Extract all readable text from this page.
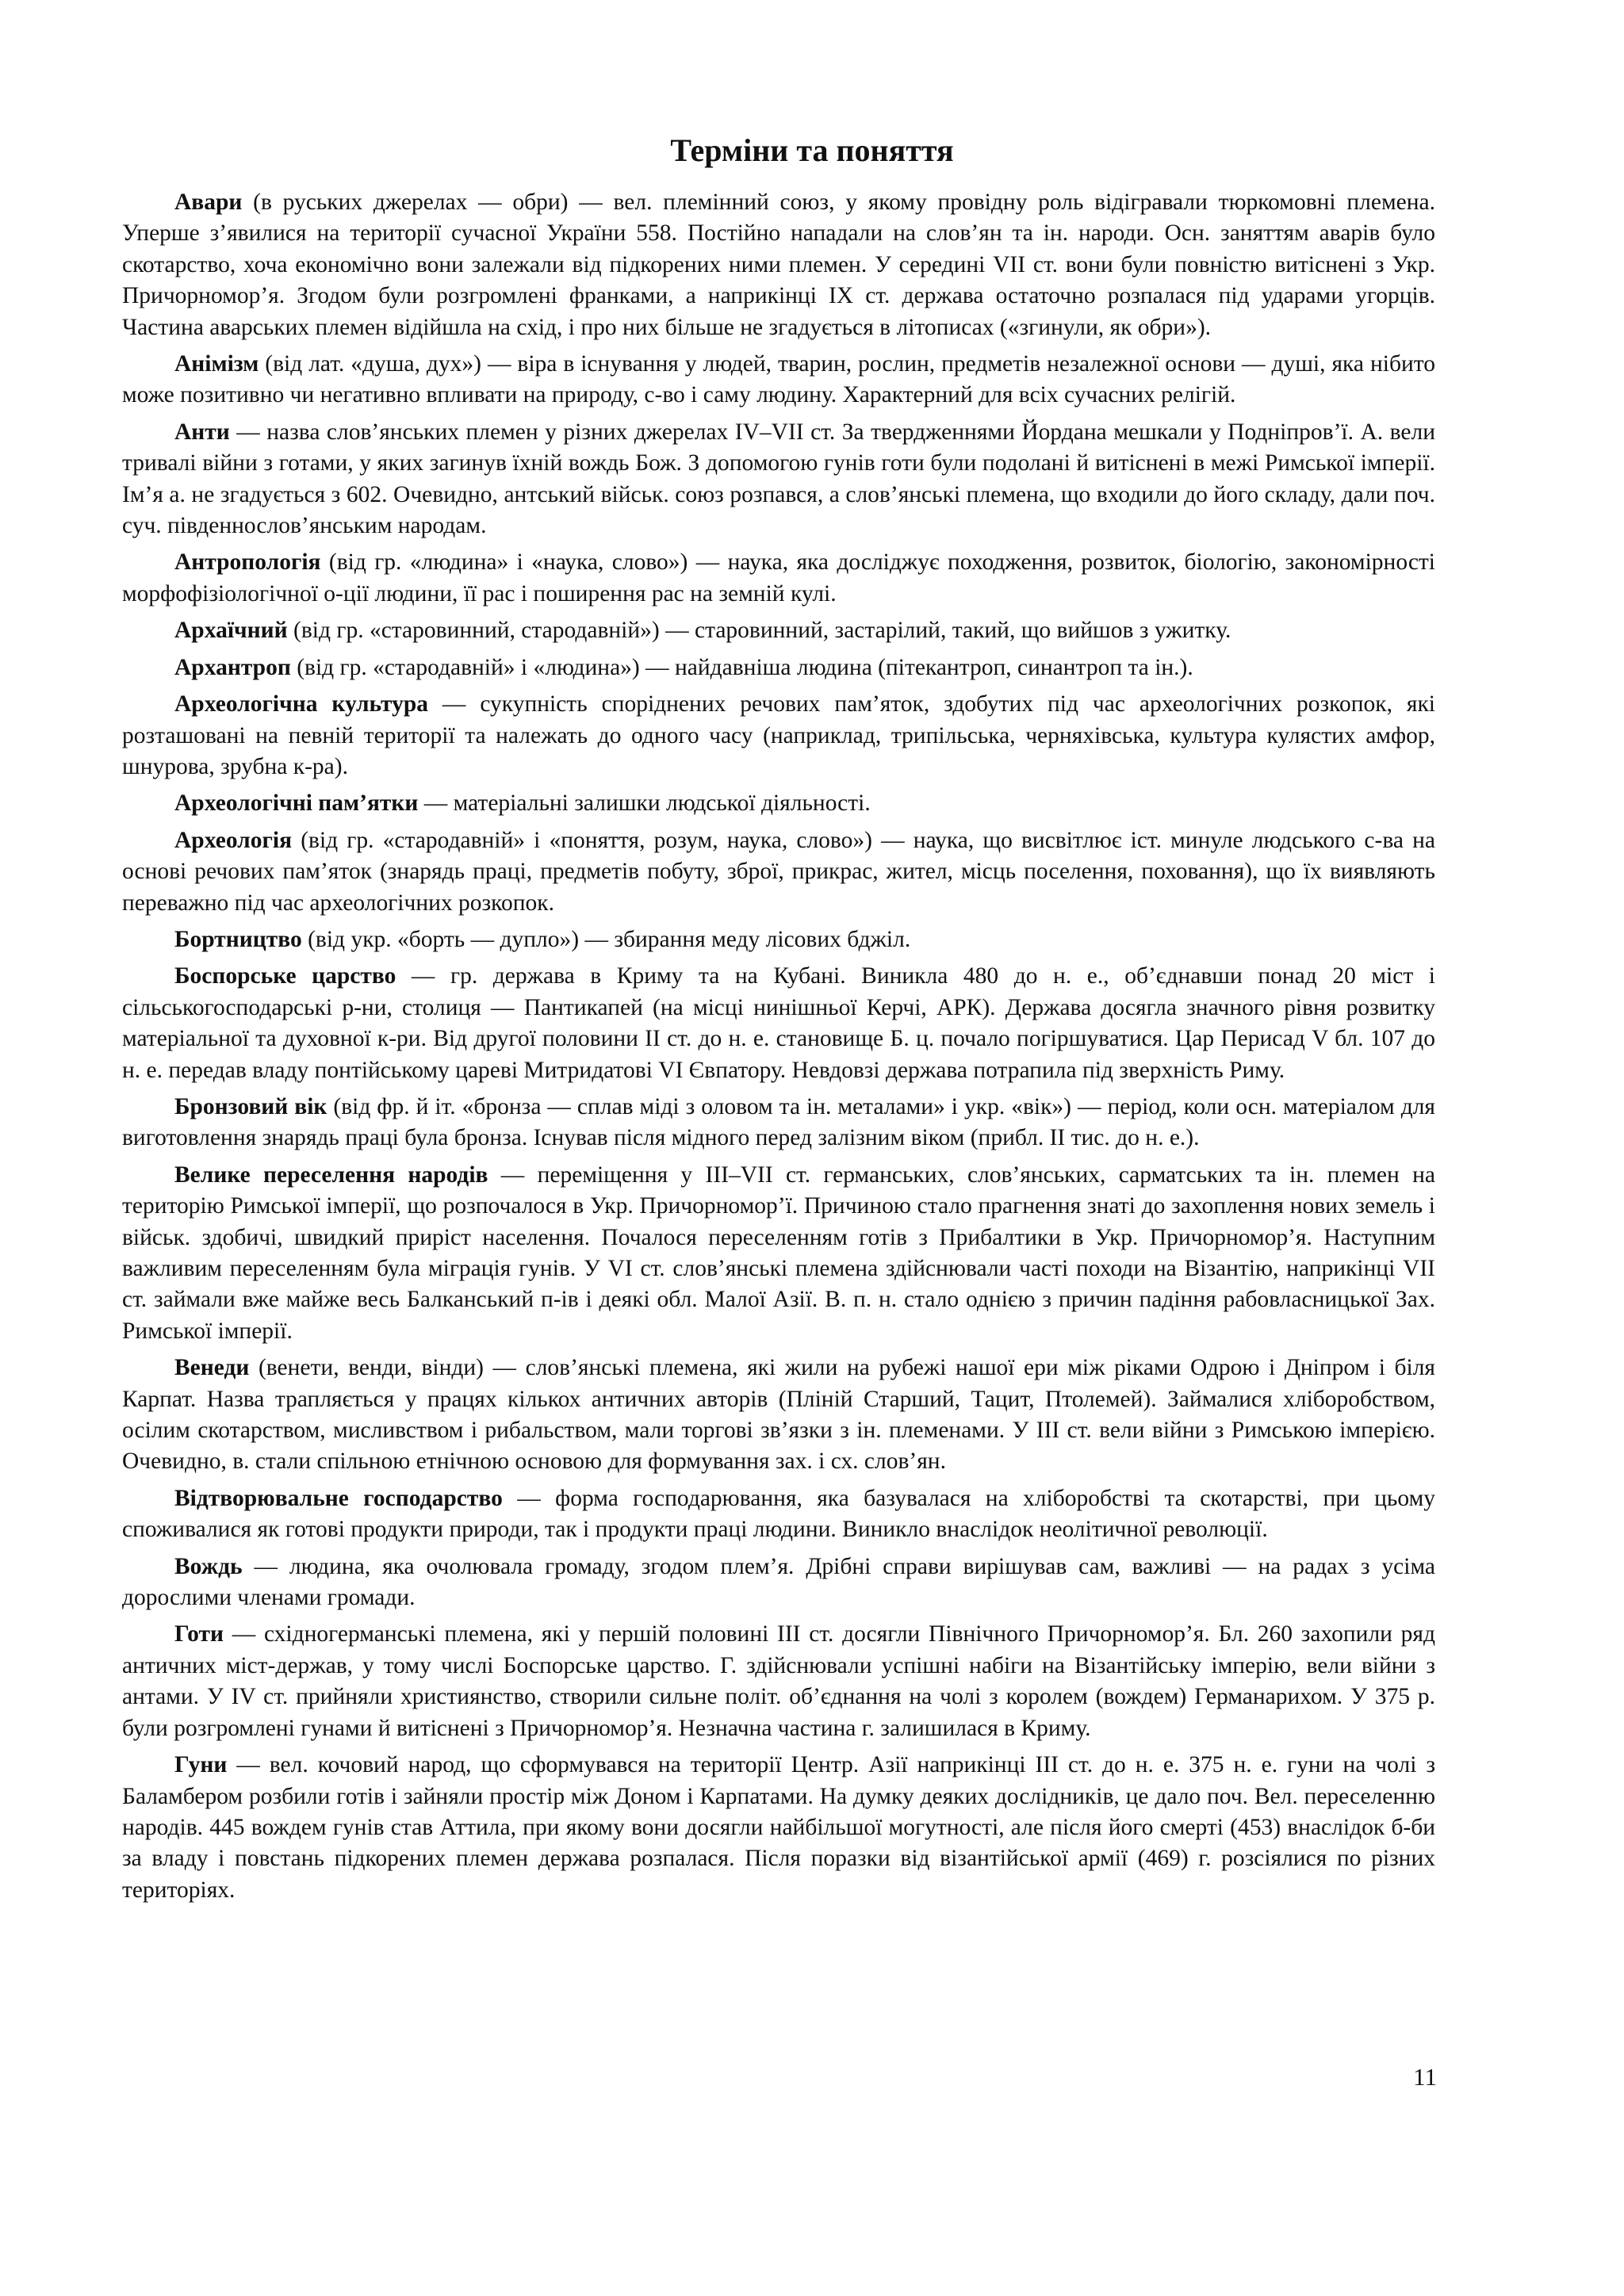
Терміни та поняття

Авари (в руських джерелах — обри) — вел. племінний союз, у якому провідну роль відігравали тюркомовні племена. Уперше з’явилися на території сучасної України 558. Постійно нападали на слов’ян та ін. народи. Осн. заняттям аварів було скотарство, хоча економічно вони залежали від підкорених ними племен. У середині VII ст. вони були повністю витіснені з Укр. Причорномор’я. Згодом були розгромлені франками, а наприкінці IX ст. держава остаточно розпалася під ударами угорців. Частина аварських племен відійшла на схід, і про них більше не згадується в літописах («згинули, як обри»).

Анімізм (від лат. «душа, дух») — віра в існування у людей, тварин, рослин, предметів незалежної основи — душі, яка нібито може позитивно чи негативно впливати на природу, с-во і саму людину. Характерний для всіх сучасних релігій.

Анти — назва слов’янських племен у різних джерелах IV–VII ст. За твердженнями Йордана мешкали у Подніпров’ї. А. вели тривалі війни з готами, у яких загинув їхній вождь Бож. З допомогою гунів готи були подолані й витіснені в межі Римської імперії. Ім’я а. не згадується з 602. Очевидно, антський військ. союз розпався, а слов’янські племена, що входили до його складу, дали поч. суч. південнослов’янським народам.

Антропологія (від гр. «людина» і «наука, слово») — наука, яка досліджує походження, розвиток, біологію, закономірності морфофізіологічної о-ції людини, її рас і поширення рас на земній кулі.

Архаїчний (від гр. «старовинний, стародавній») — старовинний, застарілий, такий, що вийшов з ужитку.

Архантроп (від гр. «стародавній» і «людина») — найдавніша людина (пітекантроп, синантроп та ін.).

Археологічна культура — сукупність споріднених речових пам’яток, здобутих під час археологічних розкопок, які розташовані на певній території та належать до одного часу (наприклад, трипільська, черняхівська, культура кулястих амфор, шнурова, зрубна к-ра).

Археологічні пам’ятки — матеріальні залишки людської діяльності.

Археологія (від гр. «стародавній» і «поняття, розум, наука, слово») — наука, що висвітлює іст. минуле людського с-ва на основі речових пам’яток (знарядь праці, предметів побуту, зброї, прикрас, жител, місць поселення, поховання), що їх виявляють переважно під час археологічних розкопок.

Бортництво (від укр. «борть — дупло») — збирання меду лісових бджіл.

Боспорське царство — гр. держава в Криму та на Кубані. Виникла 480 до н. е., об’єднавши понад 20 міст і сільськогосподарські р-ни, столиця — Пантикапей (на місці нинішньої Керчі, АРК). Держава досягла значного рівня розвитку матеріальної та духовної к-ри. Від другої половини II ст. до н. е. становище Б. ц. почало погіршуватися. Цар Перисад V бл. 107 до н. е. передав владу понтійському цареві Митридатові VI Євпатору. Невдовзі держава потрапила під зверхність Риму.

Бронзовий вік (від фр. й іт. «бронза — сплав міді з оловом та ін. металами» і укр. «вік») — період, коли осн. матеріалом для виготовлення знарядь праці була бронза. Існував після мідного перед залізним віком (прибл. II тис. до н. е.).

Велике переселення народів — переміщення у III–VII ст. германських, слов’янських, сарматських та ін. племен на територію Римської імперії, що розпочалося в Укр. Причорномор’ї. Причиною стало прагнення знаті до захоплення нових земель і військ. здобичі, швидкий приріст населення. Почалося переселенням готів з Прибалтики в Укр. Причорномор’я. Наступним важливим переселенням була міграція гунів. У VI ст. слов’янські племена здійснювали часті походи на Візантію, наприкінці VII ст. займали вже майже весь Балканський п-ів і деякі обл. Малої Азії. В. п. н. стало однією з причин падіння рабовласницької Зах. Римської імперії.

Венеди (венети, венди, вінди) — слов’янські племена, які жили на рубежі нашої ери між ріками Одрою і Дніпром і біля Карпат. Назва трапляється у працях кількох античних авторів (Пліній Старший, Тацит, Птолемей). Займалися хліборобством, осілим скотарством, мисливством і рибальством, мали торгові зв’язки з ін. племенами. У III ст. вели війни з Римською імперією. Очевидно, в. стали спільною етнічною основою для формування зах. і сх. слов’ян.

Відтворювальне господарство — форма господарювання, яка базувалася на хліборобстві та скотарстві, при цьому споживалися як готові продукти природи, так і продукти праці людини. Виникло внаслідок неолітичної революції.

Вождь — людина, яка очолювала громаду, згодом плем’я. Дрібні справи вирішував сам, важливі — на радах з усіма дорослими членами громади.

Готи — східногерманські племена, які у першій половині III ст. досягли Північного Причорномор’я. Бл. 260 захопили ряд античних міст-держав, у тому числі Боспорське царство. Г. здійснювали успішні набіги на Візантійську імперію, вели війни з антами. У IV ст. прийняли християнство, створили сильне політ. об’єднання на чолі з королем (вождем) Германарихом. У 375 р. були розгромлені гунами й витіснені з Причорномор’я. Незначна частина г. залишилася в Криму.

Гуни — вел. кочовий народ, що сформувався на території Центр. Азії наприкінці III ст. до н. е. 375 н. е. гуни на чолі з Баламбером розбили готів і зайняли простір між Доном і Карпатами. На думку деяких дослідників, це дало поч. Вел. переселенню народів. 445 вождем гунів став Аттила, при якому вони досягли найбільшої могутності, але після його смерті (453) внаслідок б-би за владу і повстань підкорених племен держава розпалася. Після поразки від візантійської армії (469) г. розсіялися по різних територіях.

11
